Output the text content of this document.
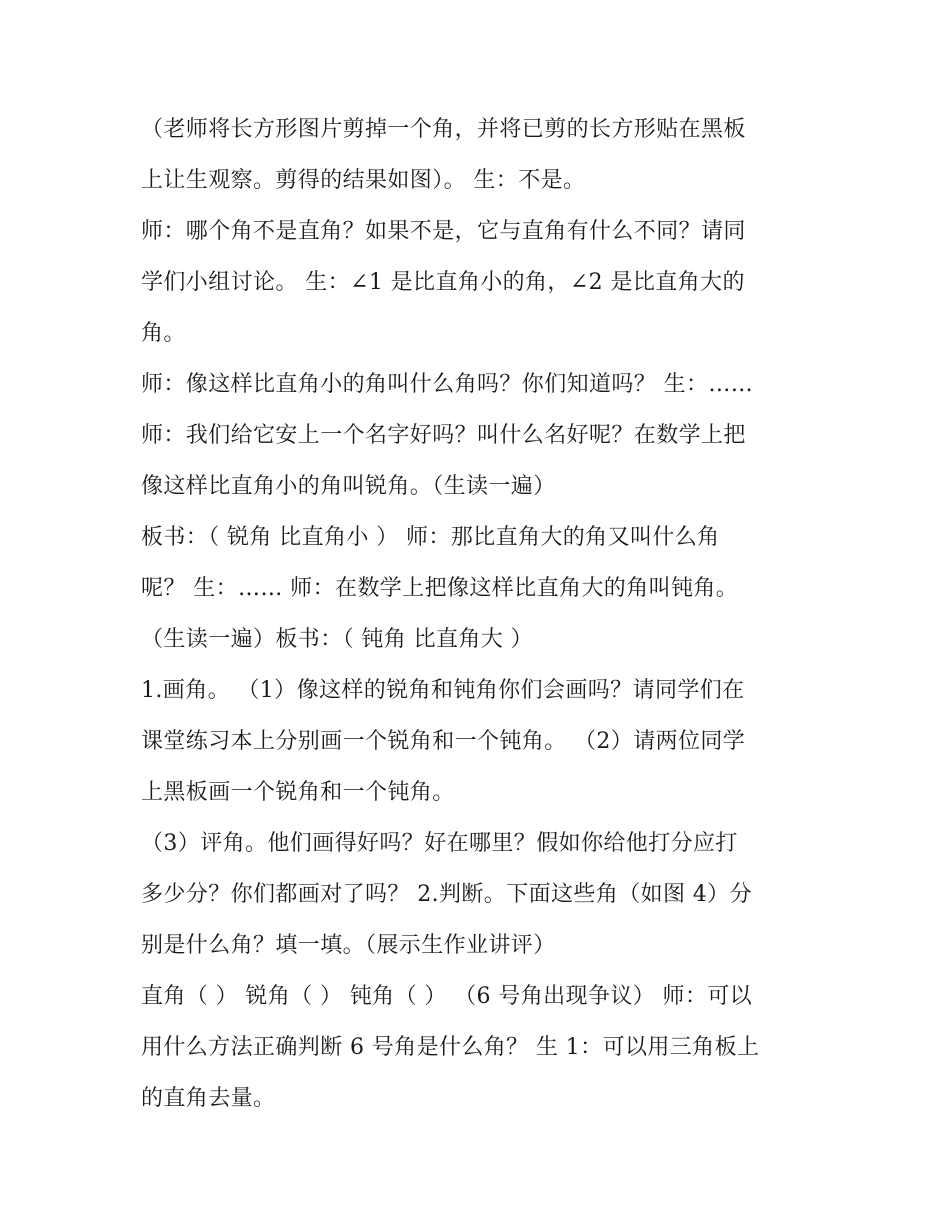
（老师将长方形图片剪掉一个角，并将已剪的长方形贴在黑板
上让生观察。剪得的结果如图）。 生：不是。
师：哪个角不是直角？如果不是，它与直角有什么不同？请同
学们小组讨论。 生：∠1 是比直角小的角，∠2 是比直角大的
角。
师：像这样比直角小的角叫什么角吗？你们知道吗？ 生：……
师：我们给它安上一个名字好吗？叫什么名好呢？在数学上把
像这样比直角小的角叫锐角。（生读一遍）
板书：（ 锐角 比直角小 ） 师：那比直角大的角又叫什么角
呢？ 生：…… 师：在数学上把像这样比直角大的角叫钝角。
（生读一遍）板书：（ 钝角 比直角大 ）
1.画角。 （1）像这样的锐角和钝角你们会画吗？请同学们在
课堂练习本上分别画一个锐角和一个钝角。 （2）请两位同学
上黑板画一个锐角和一个钝角。
（3）评角。他们画得好吗？好在哪里？假如你给他打分应打
多少分？你们都画对了吗？ 2.判断。下面这些角（如图 4）分
别是什么角？填一填。（展示生作业讲评）
直角（ ） 锐角（ ） 钝角（ ） （6 号角出现争议） 师：可以
用什么方法正确判断 6 号角是什么角？ 生 1：可以用三角板上
的直角去量。
